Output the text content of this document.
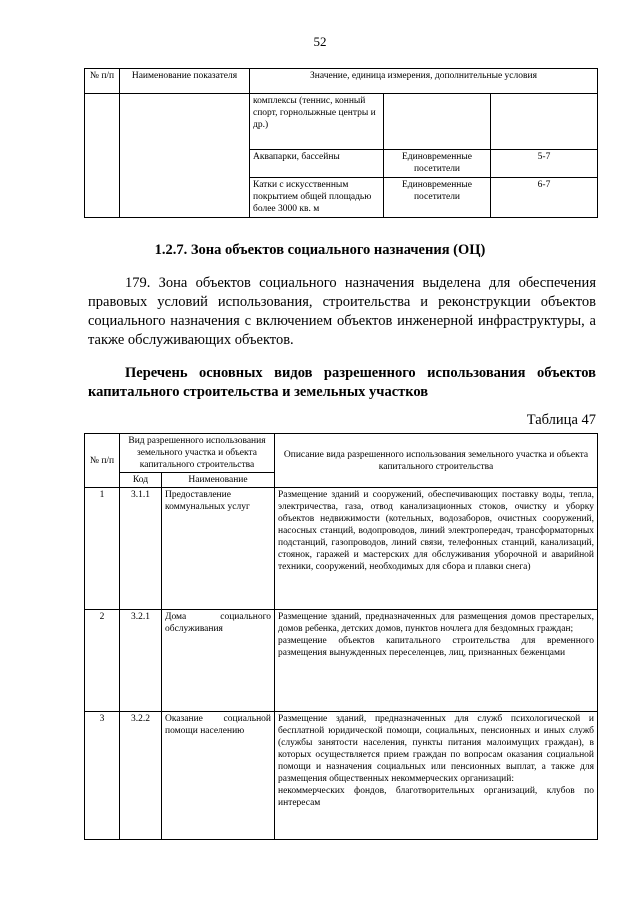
52
№ п/п	Наименование показателя	Значение, единица измерения, дополнительные условия		
		комплексы (теннис, конный спорт, горнолыжные центры и др.)		
		Аквапарки, бассейны	Единовременные посетители	5-7
		Катки с искусственным покрытием общей площадью более 3000 кв. м	Единовременные посетители	6-7
1.2.7. Зона объектов социального назначения (ОЦ)
179. Зона объектов социального назначения выделена для обеспечения правовых условий использования, строительства и реконструкции объектов социального назначения с включением объектов инженерной инфраструктуры, а также обслуживающих объектов.
Перечень основных видов разрешенного использования объектов капитального строительства и земельных участков
Таблица 47
№ п/п	Вид разрешенного использования земельного участка и объекта капитального строительства		Описание вида разрешенного использования земельного участка и объекта капитального строительства
	Код	Наименование	
1	3.1.1	Предоставление коммунальных услуг	Размещение зданий и сооружений, обеспечивающих поставку воды, тепла, электричества, газа, отвод канализационных стоков, очистку и уборку объектов недвижимости (котельных, водозаборов, очистных сооружений, насосных станций, водопроводов, линий электропередач, трансформаторных подстанций, газопроводов, линий связи, телефонных станций, канализаций, стоянок, гаражей и мастерских для обслуживания уборочной и аварийной техники, сооружений, необходимых для сбора и плавки снега)
2	3.2.1	Дома социального обслуживания	Размещение зданий, предназначенных для размещения домов престарелых, домов ребенка, детских домов, пунктов ночлега для бездомных граждан;
размещение объектов капитального строительства для временного размещения вынужденных переселенцев, лиц, признанных беженцами

3	3.2.2	Оказание социальной помощи населению	Размещение зданий, предназначенных для служб психологической и бесплатной юридической помощи, социальных, пенсионных и иных служб (службы занятости населения, пункты питания малоимущих граждан), в которых осуществляется прием граждан по вопросам оказания социальной помощи и назначения социальных или пенсионных выплат, а также для размещения общественных некоммерческих организаций:
некоммерческих фондов, благотворительных организаций, клубов по интересам
